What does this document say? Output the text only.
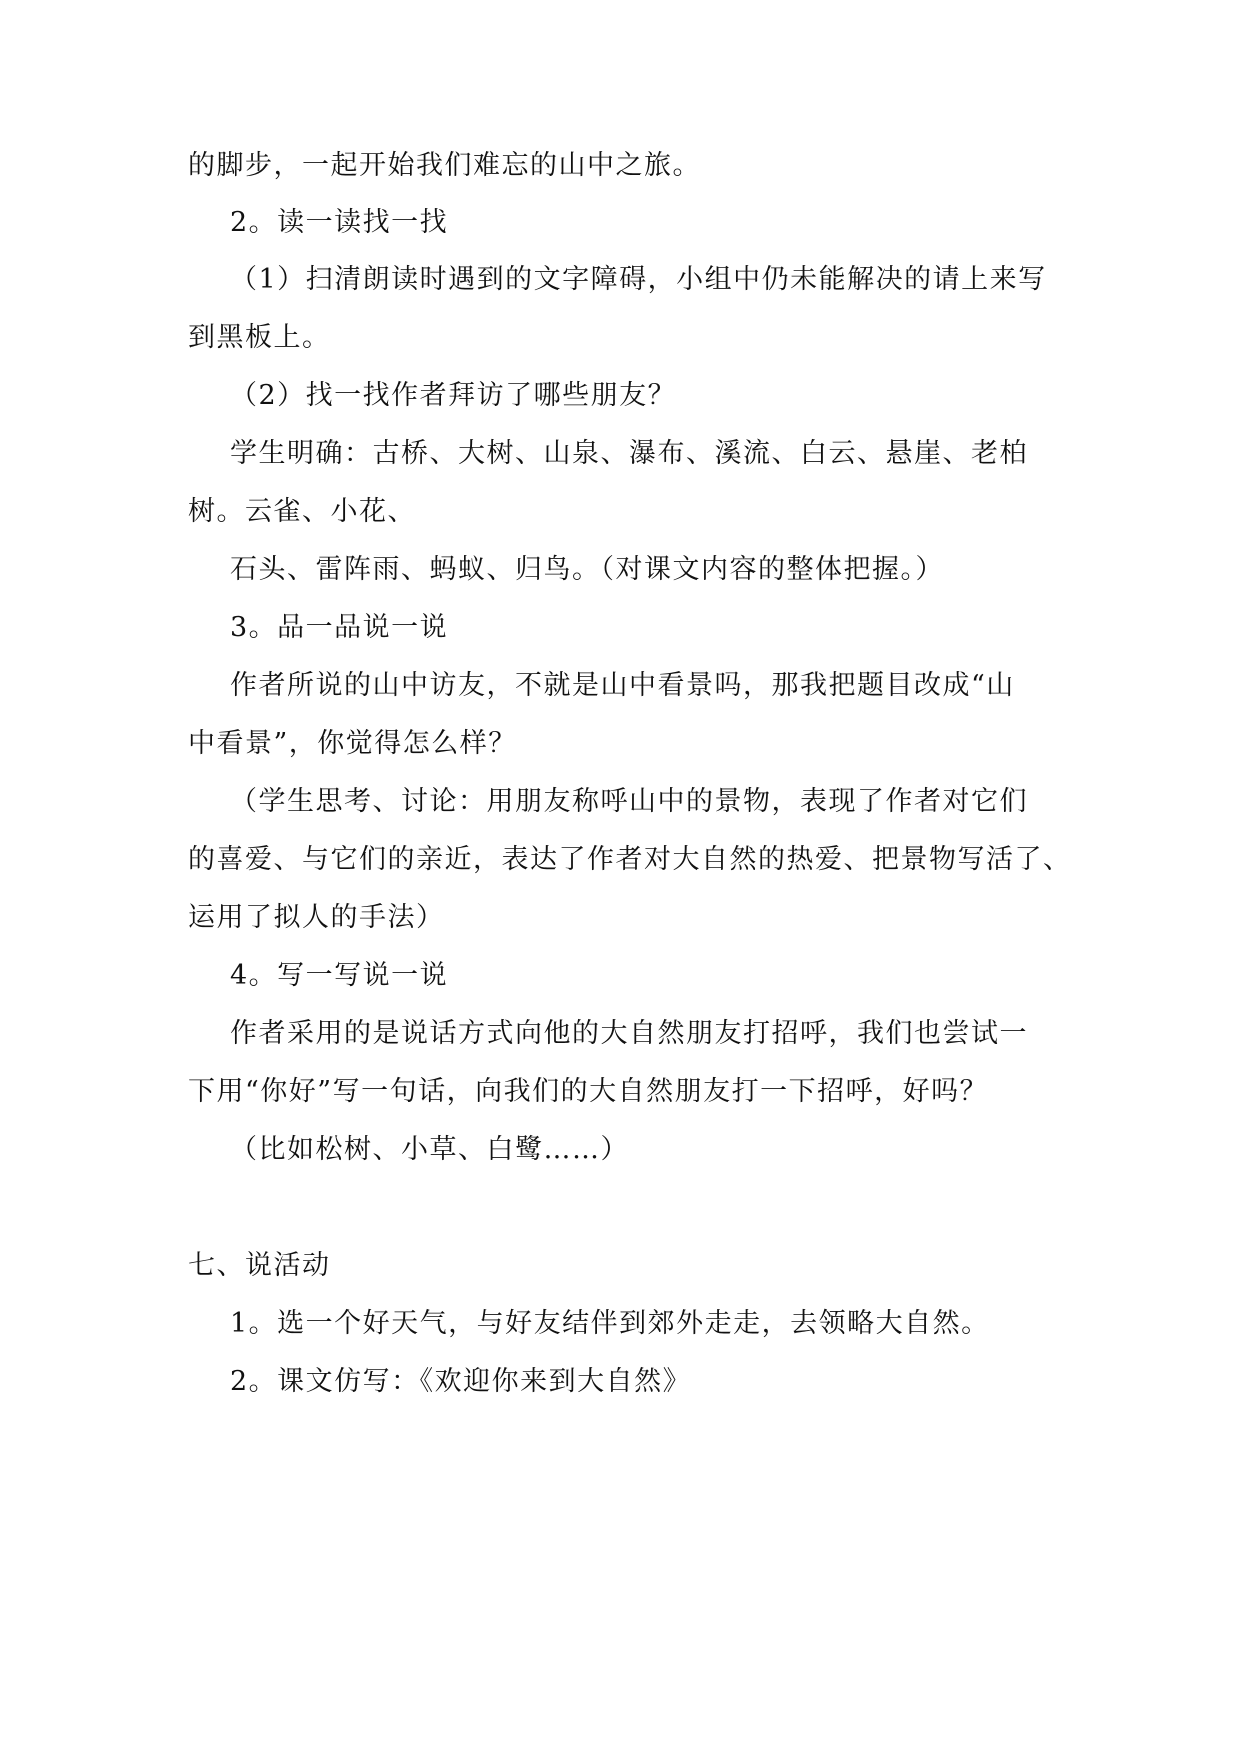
的脚步，一起开始我们难忘的山中之旅。
2。读一读找一找
（1）扫清朗读时遇到的文字障碍，小组中仍未能解决的请上来写
到黑板上。
（2）找一找作者拜访了哪些朋友？
学生明确：古桥、大树、山泉、瀑布、溪流、白云、悬崖、老柏
树。云雀、小花、
石头、雷阵雨、蚂蚁、归鸟。（对课文内容的整体把握。）
3。品一品说一说
作者所说的山中访友，不就是山中看景吗，那我把题目改成“山
中看景”，你觉得怎么样？
（学生思考、讨论：用朋友称呼山中的景物，表现了作者对它们
的喜爱、与它们的亲近，表达了作者对大自然的热爱、把景物写活了、
运用了拟人的手法）
4。写一写说一说
作者采用的是说话方式向他的大自然朋友打招呼，我们也尝试一
下用“你好”写一句话，向我们的大自然朋友打一下招呼，好吗？
（比如松树、小草、白鹭……）
七、说活动
1。选一个好天气，与好友结伴到郊外走走，去领略大自然。
2。课文仿写：《欢迎你来到大自然》
